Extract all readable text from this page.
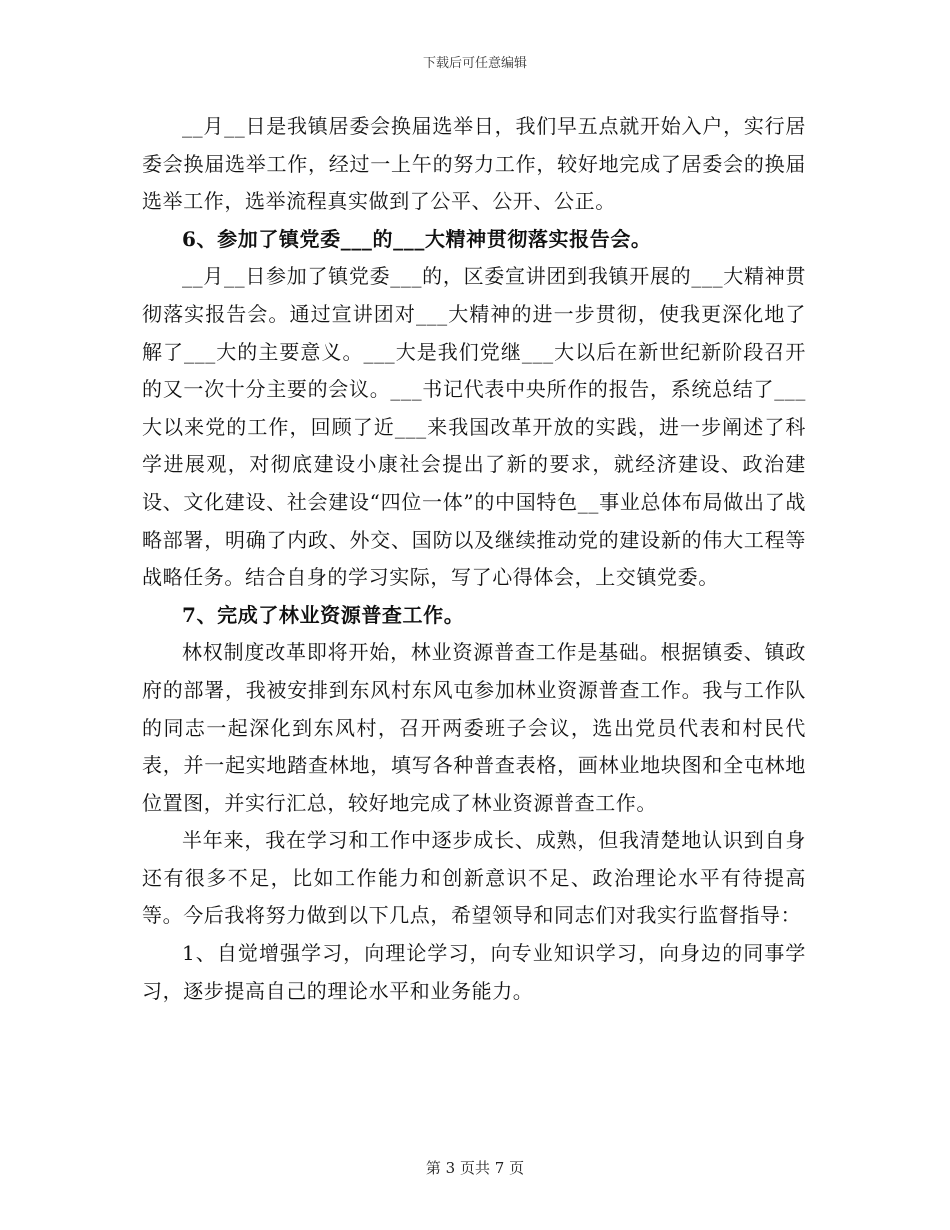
下载后可任意编辑

__月__日是我镇居委会换届选举日，我们早五点就开始入户，实行居委会换届选举工作，经过一上午的努力工作，较好地完成了居委会的换届选举工作，选举流程真实做到了公平、公开、公正。

6、参加了镇党委___的___大精神贯彻落实报告会。

__月__日参加了镇党委___的，区委宣讲团到我镇开展的___大精神贯彻落实报告会。通过宣讲团对___大精神的进一步贯彻，使我更深化地了解了___大的主要意义。___大是我们党继___大以后在新世纪新阶段召开的又一次十分主要的会议。___书记代表中央所作的报告，系统总结了___大以来党的工作，回顾了近___来我国改革开放的实践，进一步阐述了科学进展观，对彻底建设小康社会提出了新的要求，就经济建设、政治建设、文化建设、社会建设“四位一体”的中国特色__事业总体布局做出了战略部署，明确了内政、外交、国防以及继续推动党的建设新的伟大工程等战略任务。结合自身的学习实际，写了心得体会，上交镇党委。

7、完成了林业资源普查工作。

林权制度改革即将开始，林业资源普查工作是基础。根据镇委、镇政府的部署，我被安排到东风村东风屯参加林业资源普查工作。我与工作队的同志一起深化到东风村，召开两委班子会议，选出党员代表和村民代表，并一起实地踏查林地，填写各种普查表格，画林业地块图和全屯林地位置图，并实行汇总，较好地完成了林业资源普查工作。

半年来，我在学习和工作中逐步成长、成熟，但我清楚地认识到自身还有很多不足，比如工作能力和创新意识不足、政治理论水平有待提高等。今后我将努力做到以下几点，希望领导和同志们对我实行监督指导：

1、自觉增强学习，向理论学习，向专业知识学习，向身边的同事学习，逐步提高自己的理论水平和业务能力。

第 3 页共 7 页
